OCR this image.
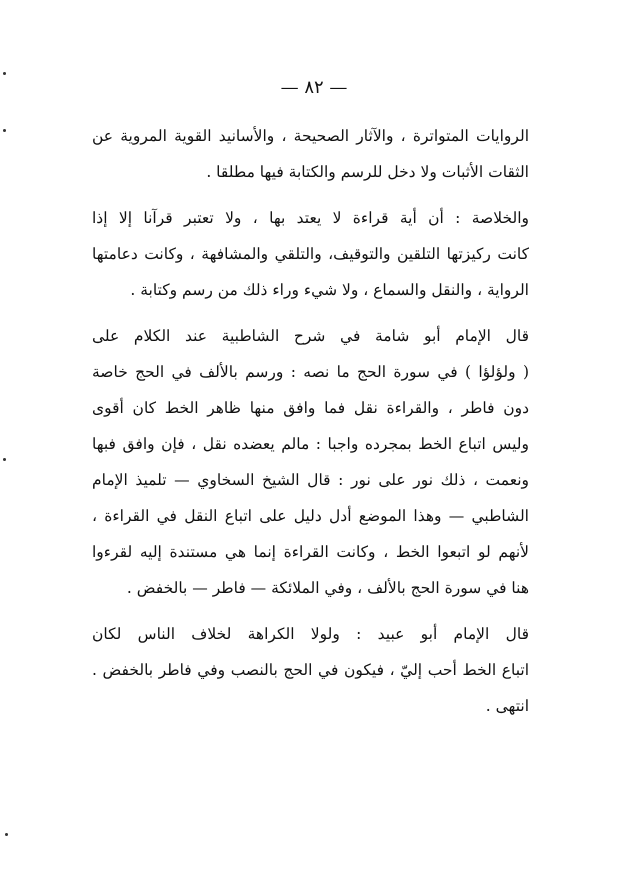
— ٨٢ —
الروايات المتواترة ، والآثار الصحيحة ، والأسانيد القوية المروية عن
الثقات الأثبات ولا دخل للرسم والكتابة فيها مطلقا .
والخلاصة : أن أية قراءة لا يعتد بها ، ولا تعتبر قرآنا إلا إذا
كانت ركيزتها التلقين والتوقيف، والتلقي والمشافهة ، وكانت دعامتها
الرواية ، والنقل والسماع ، ولا شيء وراء ذلك من رسم وكتابة .
قال الإمام أبو شامة في شرح الشاطبية عند الكلام على
( ولؤلؤا ) في سورة الحج ما نصه : ورسم بالألف في الحج خاصة
دون فاطر ، والقراءة نقل فما وافق منها ظاهر الخط كان أقوى
وليس اتباع الخط بمجرده واجبا : مالم يعضده نقل ، فإن وافق فبها
ونعمت ، ذلك نور على نور : قال الشيخ السخاوي — تلميذ الإمام
الشاطبي — وهذا الموضع أدل دليل على اتباع النقل في القراءة ،
لأنهم لو اتبعوا الخط ، وكانت القراءة إنما هي مستندة إليه لقرءوا
هنا في سورة الحج بالألف ، وفي الملائكة — فاطر — بالخفض .
قال الإمام أبو عبيد : ولولا الكراهة لخلاف الناس لكان
اتباع الخط أحب إليّ ، فيكون في الحج بالنصب وفي فاطر بالخفض .
انتهى .
